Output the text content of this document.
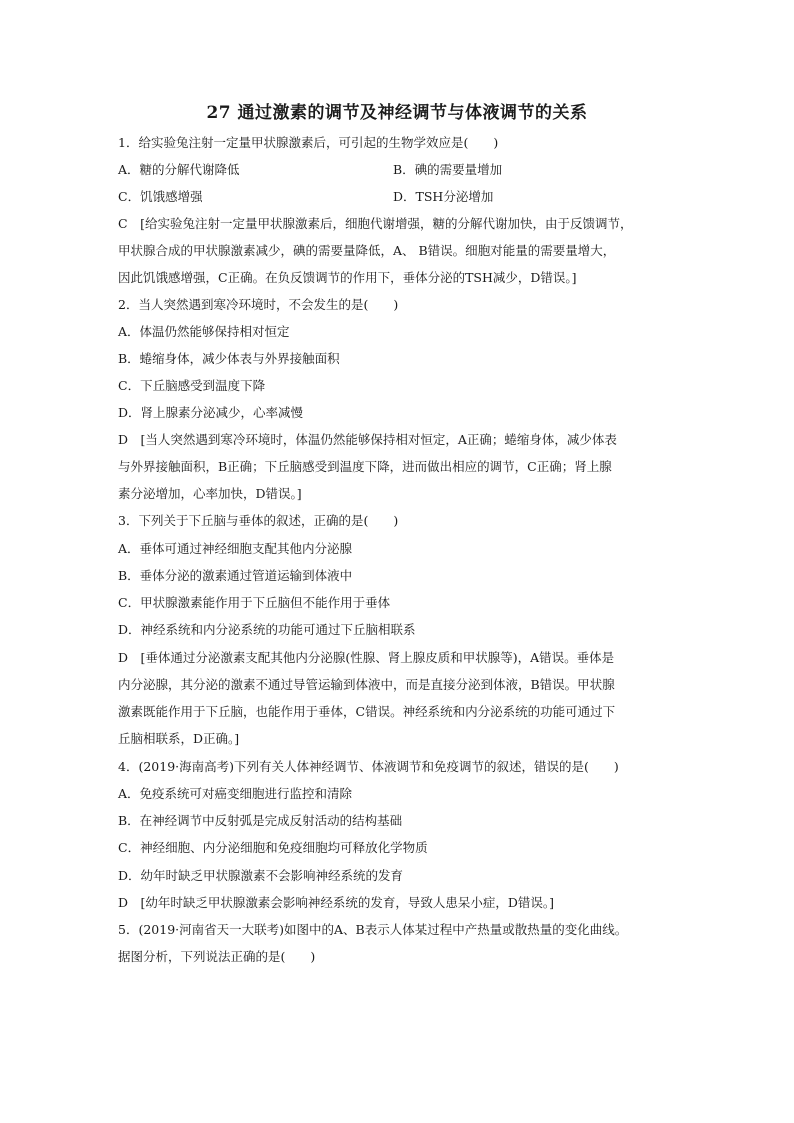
27 通过激素的调节及神经调节与体液调节的关系
1．给实验兔注射一定量甲状腺激素后，可引起的生物学效应是(　　)
A．糖的分解代谢降低	B．碘的需要量增加
C．饥饿感增强	D．TSH分泌增加
C　[给实验兔注射一定量甲状腺激素后，细胞代谢增强，糖的分解代谢加快，由于反馈调节，
甲状腺合成的甲状腺激素减少，碘的需要量降低，A、 B错误。细胞对能量的需要量增大，
因此饥饿感增强，C正确。在负反馈调节的作用下，垂体分泌的TSH减少，D错误。]
2．当人突然遇到寒冷环境时，不会发生的是(　　)
A．体温仍然能够保持相对恒定
B．蜷缩身体，减少体表与外界接触面积
C．下丘脑感受到温度下降
D．肾上腺素分泌减少，心率减慢
D　[当人突然遇到寒冷环境时，体温仍然能够保持相对恒定，A正确；蜷缩身体，减少体表
与外界接触面积，B正确；下丘脑感受到温度下降，进而做出相应的调节，C正确；肾上腺
素分泌增加，心率加快，D错误。]
3．下列关于下丘脑与垂体的叙述，正确的是(　　)
A．垂体可通过神经细胞支配其他内分泌腺
B．垂体分泌的激素通过管道运输到体液中
C．甲状腺激素能作用于下丘脑但不能作用于垂体
D．神经系统和内分泌系统的功能可通过下丘脑相联系
D　[垂体通过分泌激素支配其他内分泌腺(性腺、肾上腺皮质和甲状腺等)，A错误。垂体是
内分泌腺，其分泌的激素不通过导管运输到体液中，而是直接分泌到体液，B错误。甲状腺
激素既能作用于下丘脑，也能作用于垂体，C错误。神经系统和内分泌系统的功能可通过下
丘脑相联系，D正确。]
4．(2019·海南高考)下列有关人体神经调节、体液调节和免疫调节的叙述，错误的是(　　)
A．免疫系统可对癌变细胞进行监控和清除
B．在神经调节中反射弧是完成反射活动的结构基础
C．神经细胞、内分泌细胞和免疫细胞均可释放化学物质
D．幼年时缺乏甲状腺激素不会影响神经系统的发育
D　[幼年时缺乏甲状腺激素会影响神经系统的发育，导致人患呆小症，D错误。]
5．(2019·河南省天一大联考)如图中的A、B表示人体某过程中产热量或散热量的变化曲线。
据图分析，下列说法正确的是(　　)
